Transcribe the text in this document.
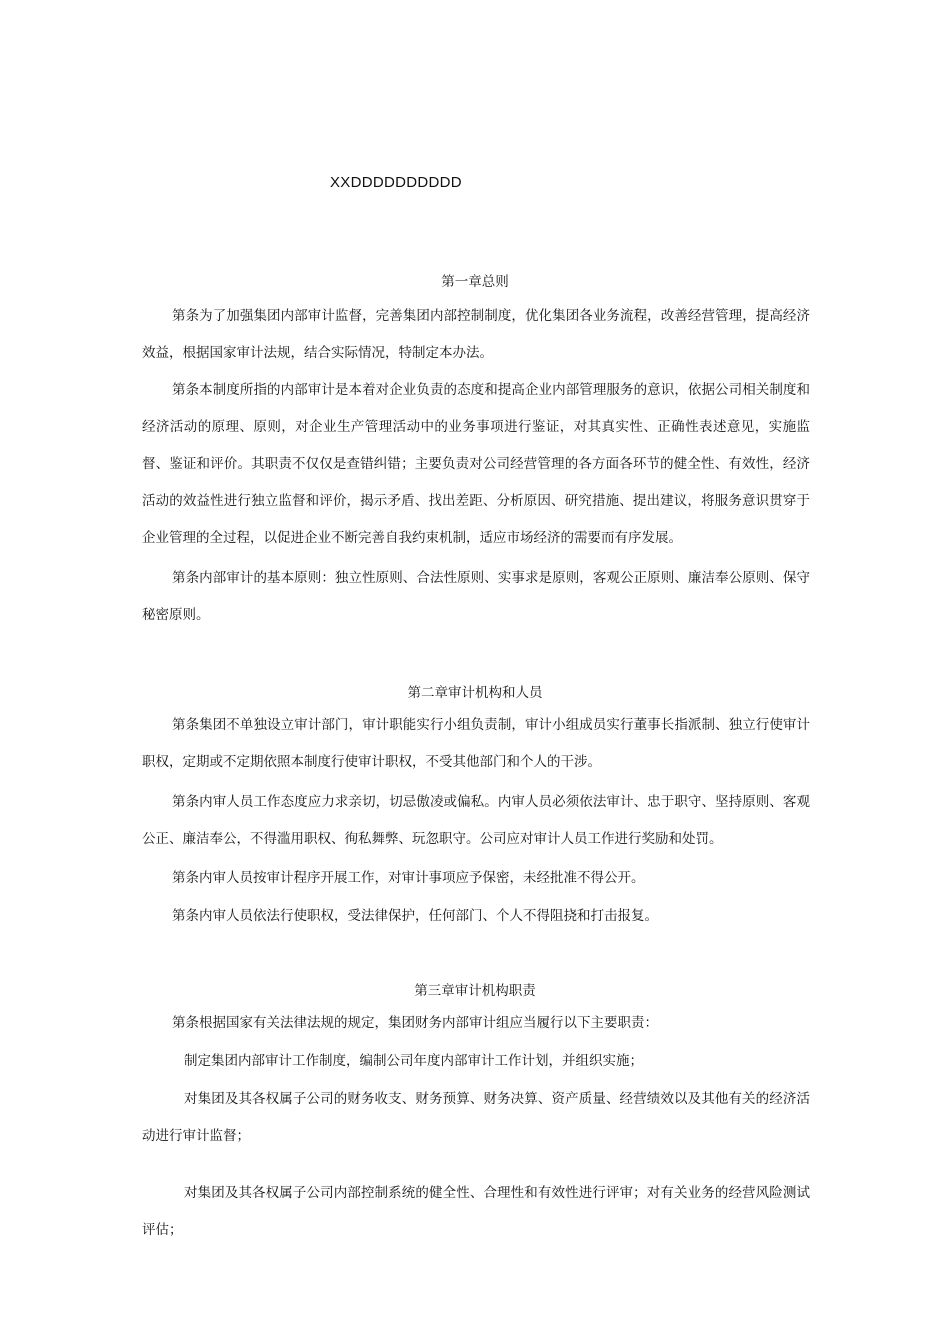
XXDDDDDDDDDD
第一章总则
第条为了加强集团内部审计监督，完善集团内部控制制度，优化集团各业务流程，改善经营管理，提高经济效益，根据国家审计法规，结合实际情况，特制定本办法。
第条本制度所指的内部审计是本着对企业负责的态度和提高企业内部管理服务的意识，依据公司相关制度和经济活动的原理、原则，对企业生产管理活动中的业务事项进行鉴证，对其真实性、正确性表述意见，实施监督、鉴证和评价。其职责不仅仅是查错纠错；主要负责对公司经营管理的各方面各环节的健全性、有效性，经济活动的效益性进行独立监督和评价，揭示矛盾、找出差距、分析原因、研究措施、提出建议，将服务意识贯穿于企业管理的全过程，以促进企业不断完善自我约束机制，适应市场经济的需要而有序发展。
第条内部审计的基本原则：独立性原则、合法性原则、实事求是原则，客观公正原则、廉洁奉公原则、保守秘密原则。
第二章审计机构和人员
第条集团不单独设立审计部门，审计职能实行小组负责制，审计小组成员实行董事长指派制、独立行使审计职权，定期或不定期依照本制度行使审计职权，不受其他部门和个人的干涉。
第条内审人员工作态度应力求亲切，切忌傲凌或偏私。内审人员必须依法审计、忠于职守、坚持原则、客观公正、廉洁奉公，不得滥用职权、徇私舞弊、玩忽职守。公司应对审计人员工作进行奖励和处罚。
第条内审人员按审计程序开展工作，对审计事项应予保密，未经批准不得公开。
第条内审人员依法行使职权，受法律保护，任何部门、个人不得阻挠和打击报复。
第三章审计机构职责
第条根据国家有关法律法规的规定，集团财务内部审计组应当履行以下主要职责：
制定集团内部审计工作制度，编制公司年度内部审计工作计划，并组织实施；
对集团及其各权属子公司的财务收支、财务预算、财务决算、资产质量、经营绩效以及其他有关的经济活动进行审计监督；
对集团及其各权属子公司内部控制系统的健全性、合理性和有效性进行评审；对有关业务的经营风险测试评估；
